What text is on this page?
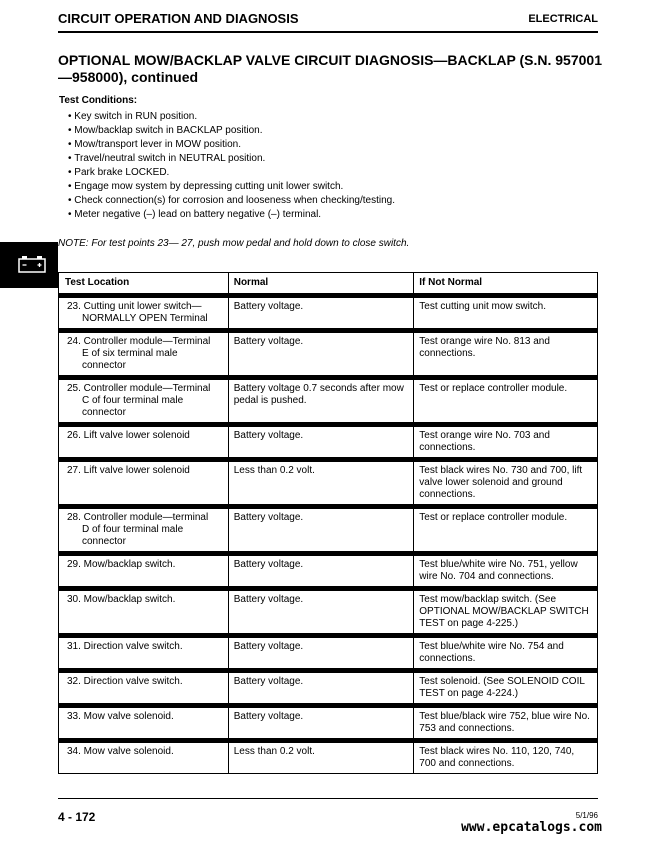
CIRCUIT OPERATION AND DIAGNOSIS	ELECTRICAL
OPTIONAL MOW/BACKLAP VALVE CIRCUIT DIAGNOSIS—BACKLAP (S.N. 957001—958000), continued
Test Conditions:
• Key switch in RUN position.
• Mow/backlap switch in BACKLAP position.
• Mow/transport lever in MOW position.
• Travel/neutral switch in NEUTRAL position.
• Park brake LOCKED.
• Engage mow system by depressing cutting unit lower switch.
• Check connection(s) for corrosion and looseness when checking/testing.
• Meter negative (–) lead on battery negative (–) terminal.
NOTE: For test points 23— 27, push mow pedal and hold down to close switch.
Test Location	Normal	If Not Normal

23. Cutting unit lower switch—
NORMALLY OPEN Terminal	Battery voltage.	Test cutting unit mow switch.

24. Controller module—Terminal
E of six terminal male connector	Battery voltage.	Test orange wire No. 813 and connections.

25. Controller module—Terminal
C of four terminal male connector	Battery voltage 0.7 seconds after mow pedal is pushed.	Test or replace controller module.

26. Lift valve lower solenoid	Battery voltage.	Test orange wire No. 703 and connections.

27. Lift valve lower solenoid	Less than 0.2 volt.	Test black wires No. 730 and 700, lift valve lower solenoid and ground connections.

28. Controller module—terminal
D of four terminal male connector	Battery voltage.	Test or replace controller module.

29. Mow/backlap switch.	Battery voltage.	Test blue/white wire No. 751, yellow wire No. 704 and connections.

30. Mow/backlap switch.	Battery voltage.	Test mow/backlap switch. (See OPTIONAL MOW/BACKLAP SWITCH TEST on page 4-225.)

31. Direction valve switch.	Battery voltage.	Test blue/white wire No. 754 and connections.

32. Direction valve switch.	Battery voltage.	Test solenoid. (See SOLENOID COIL TEST on page 4-224.)

33. Mow valve solenoid.	Battery voltage.	Test blue/black wire 752, blue wire No. 753 and connections.

34. Mow valve solenoid.	Less than 0.2 volt.	Test black wires No. 110, 120, 740, 700 and connections.
4 - 172	5/1/96
www.epcatalogs.com
